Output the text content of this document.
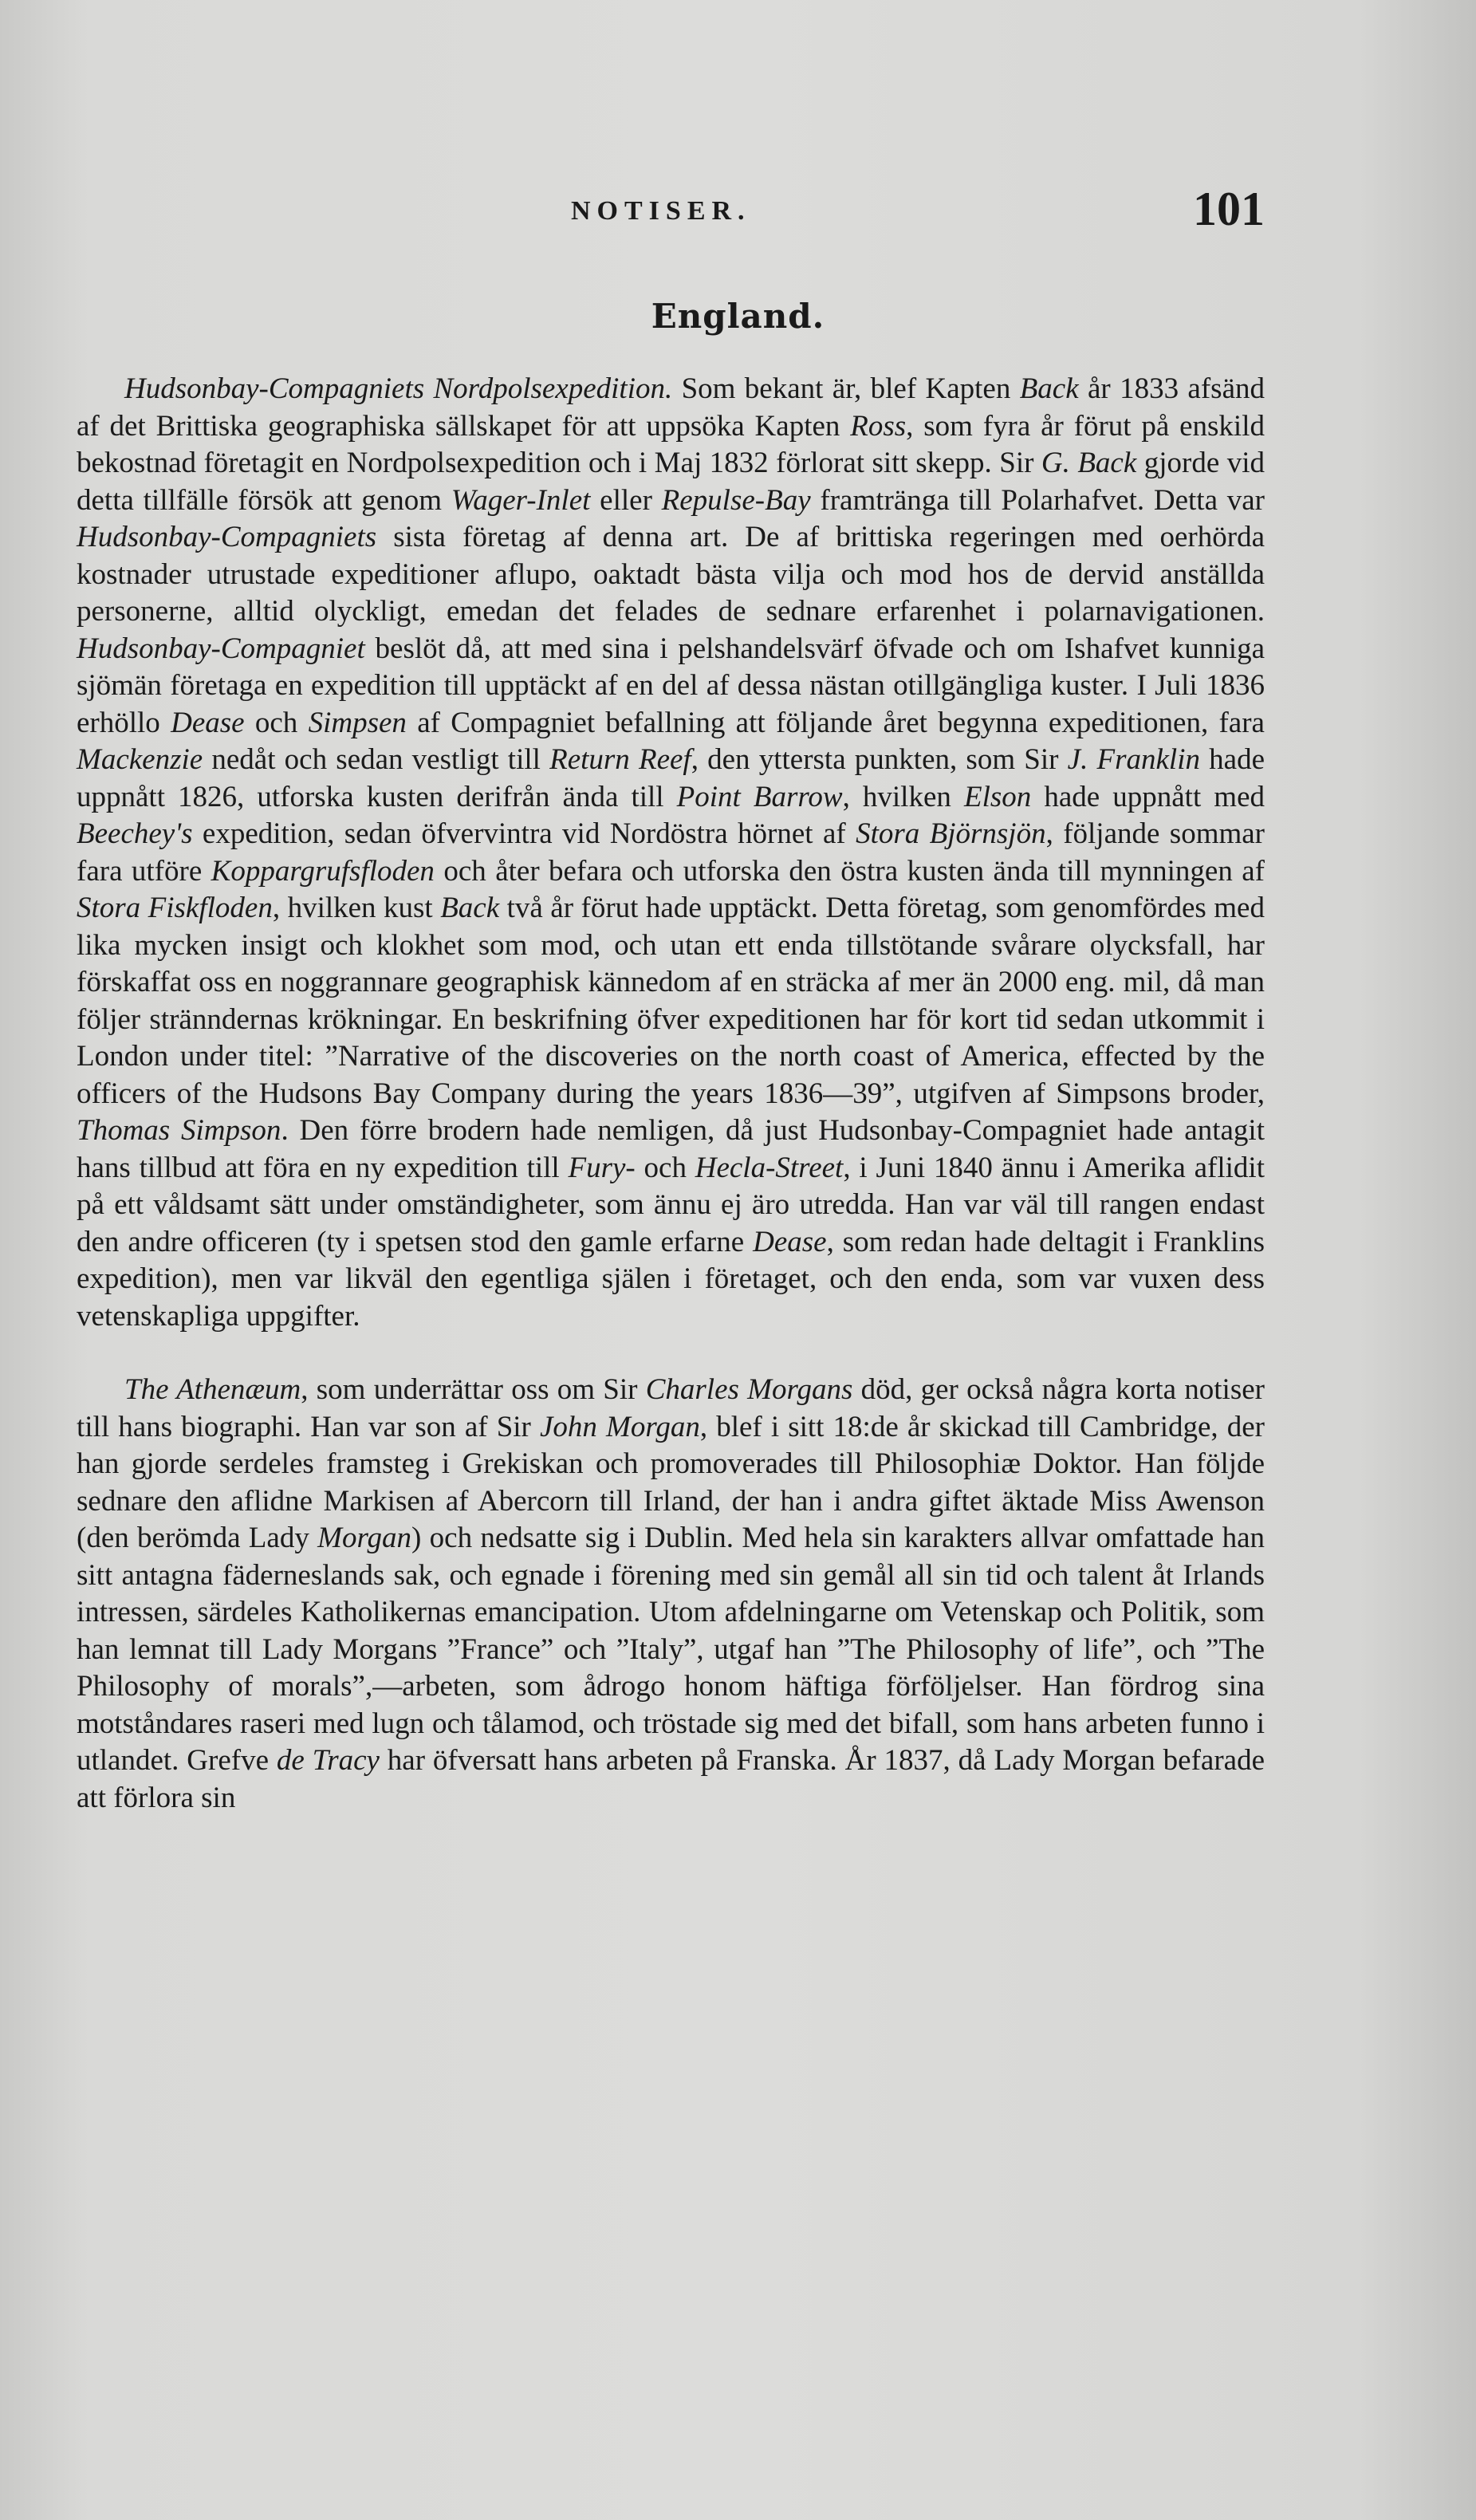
NOTISER.	101
England.

Hudsonbay-Compagniets Nordpolsexpedition. Som bekant är, blef Kapten Back år 1833 afsänd af det Brittiska geographiska sällskapet för att uppsöka Kapten Ross, som fyra år förut på enskild bekostnad företagit en Nordpolsexpedition och i Maj 1832 förlorat sitt skepp. Sir G. Back gjorde vid detta tillfälle försök att genom Wager-Inlet eller Repulse-Bay framtränga till Polarhafvet. Detta var Hudsonbay-Compagniets sista företag af denna art. De af brittiska regeringen med oerhörda kostnader utrustade expeditioner aflupo, oaktadt bästa vilja och mod hos de dervid anställda personerne, alltid olyckligt, emedan det felades de sednare erfarenhet i polarnavigationen. Hudsonbay-Compagniet beslöt då, att med sina i pelshandelsvärf öfvade och om Ishafvet kunniga sjömän företaga en expedition till upptäckt af en del af dessa nästan otillgängliga kuster. I Juli 1836 erhöllo Dease och Simpsen af Compagniet befallning att följande året begynna expeditionen, fara Mackenzie nedåt och sedan vestligt till Return Reef, den yttersta punkten, som Sir J. Franklin hade uppnått 1826, utforska kusten derifrån ända till Point Barrow, hvilken Elson hade uppnått med Beechey's expedition, sedan öfvervintra vid Nordöstra hörnet af Stora Björnsjön, följande sommar fara utföre Koppargrufsfloden och åter befara och utforska den östra kusten ända till mynningen af Stora Fiskfloden, hvilken kust Back två år förut hade upptäckt. Detta företag, som genomfördes med lika mycken insigt och klokhet som mod, och utan ett enda tillstötande svårare olycksfall, har förskaffat oss en noggrannare geographisk kännedom af en sträcka af mer än 2000 eng. mil, då man följer stränndernas krökningar. En beskrifning öfver expeditionen har för kort tid sedan utkommit i London under titel: ”Narrative of the discoveries on the north coast of America, effected by the officers of the Hudsons Bay Company during the years 1836—39”, utgifven af Simpsons broder, Thomas Simpson. Den förre brodern hade nemligen, då just Hudsonbay-Compagniet hade antagit hans tillbud att föra en ny expedition till Fury- och Hecla-Street, i Juni 1840 ännu i Amerika aflidit på ett våldsamt sätt under omständigheter, som ännu ej äro utredda. Han var väl till rangen endast den andre officeren (ty i spetsen stod den gamle erfarne Dease, som redan hade deltagit i Franklins expedition), men var likväl den egentliga själen i företaget, och den enda, som var vuxen dess vetenskapliga uppgifter.

The Athenæum, som underrättar oss om Sir Charles Morgans död, ger också några korta notiser till hans biographi. Han var son af Sir John Morgan, blef i sitt 18:de år skickad till Cambridge, der han gjorde serdeles framsteg i Grekiskan och promoverades till Philosophiæ Doktor. Han följde sednare den aflidne Markisen af Abercorn till Irland, der han i andra giftet äktade Miss Awenson (den berömda Lady Morgan) och nedsatte sig i Dublin. Med hela sin karakters allvar omfattade han sitt antagna fäderneslands sak, och egnade i förening med sin gemål all sin tid och talent åt Irlands intressen, särdeles Katholikernas emancipation. Utom afdelningarne om Vetenskap och Politik, som han lemnat till Lady Morgans ”France” och ”Italy”, utgaf han ”The Philosophy of life”, och ”The Philosophy of morals”,—arbeten, som ådrogo honom häftiga förföljelser. Han fördrog sina motståndares raseri med lugn och tålamod, och tröstade sig med det bifall, som hans arbeten funno i utlandet. Grefve de Tracy har öfversatt hans arbeten på Franska. År 1837, då Lady Morgan befarade att förlora sin
